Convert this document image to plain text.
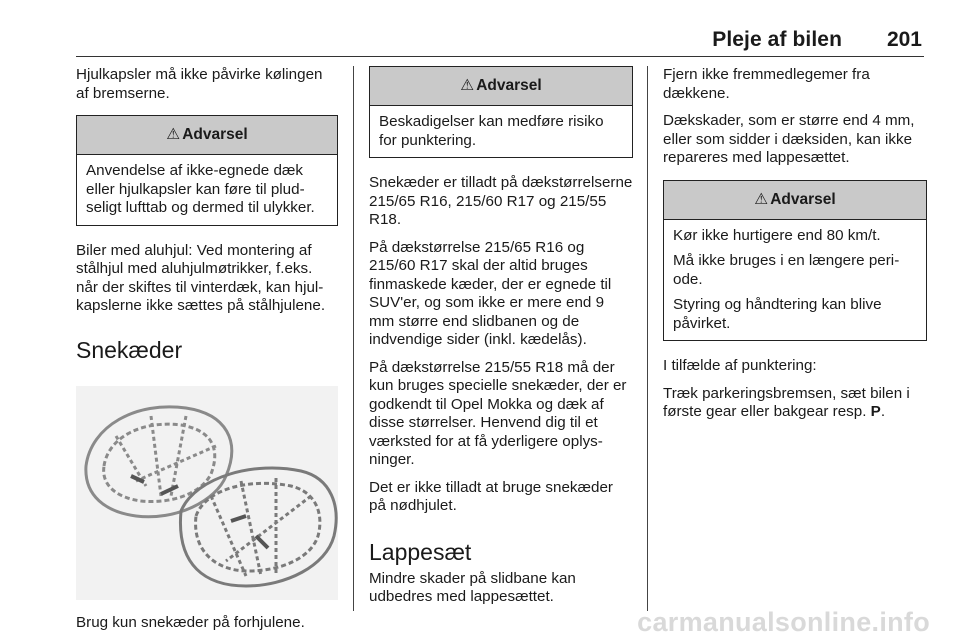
Pleje af bilen 201

Hjulkapsler må ikke påvirke kølingen af bremserne.

⚠ Advarsel

Anvendelse af ikke-egnede dæk eller hjulkapsler kan føre til pludseligt lufttab og dermed til ulykker.

Biler med aluhjul: Ved montering af stålhjul med aluhjulmøtrikker, f.eks. når der skiftes til vinterdæk, kan hjulkapslerne ikke sættes på stålhjulene.

Snekæder

Brug kun snekæder på forhjulene.

⚠ Advarsel

Beskadigelser kan medføre risiko for punktering.

Snekæder er tilladt på dækstørrelserne 215/65 R16, 215/60 R17 og 215/55 R18.

På dækstørrelse 215/65 R16 og 215/60 R17 skal der altid bruges finmaskede kæder, der er egnede til SUV'er, og som ikke er mere end 9 mm større end slidbanen og de indvendige sider (inkl. kædelås).

På dækstørrelse 215/55 R18 må der kun bruges specielle snekæder, der er godkendt til Opel Mokka og dæk af disse størrelser. Henvend dig til et værksted for at få yderligere oplysninger.

Det er ikke tilladt at bruge snekæder på nødhjulet.

Lappesæt

Mindre skader på slidbane kan udbedres med lappesættet.

Fjern ikke fremmedlegemer fra dækkene.

Dækskader, som er større end 4 mm, eller som sidder i dæksiden, kan ikke repareres med lappesættet.

⚠ Advarsel

Kør ikke hurtigere end 80 km/t.

Må ikke bruges i en længere periode.

Styring og håndtering kan blive påvirket.

I tilfælde af punktering:

Træk parkeringsbremsen, sæt bilen i første gear eller bakgear resp. P.

carmanualsonline.info
